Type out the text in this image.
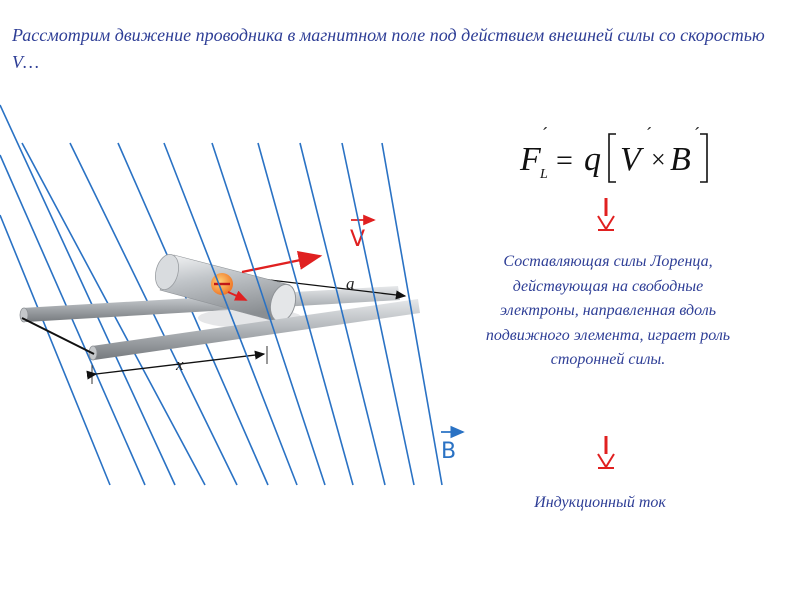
Рассмотрим движение проводника в магнитном поле под действием внешней силы со скоростью V…
a
V
x
B
F
´
L = q V
´
× B
´
Составляющая силы Лоренца, действующая на свободные электроны, направленная вдоль подвижного элемента, играет роль сторонней силы.
Индукционный ток
